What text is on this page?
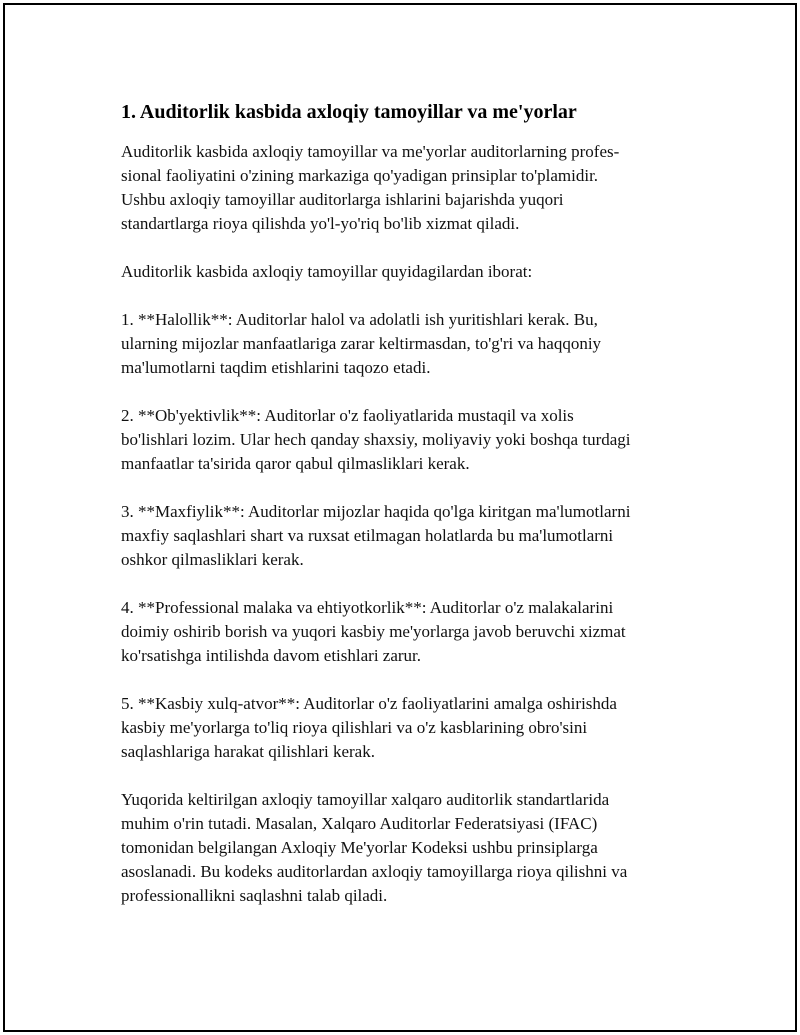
1. Auditorlik kasbida axloqiy tamoyillar va me'yorlar
Auditorlik kasbida axloqiy tamoyillar va me'yorlar auditorlarning profes-
sional faoliyatini o'zining markaziga qo'yadigan prinsiplar to'plamidir.
Ushbu axloqiy tamoyillar auditorlarga ishlarini bajarishda yuqori
standartlarga rioya qilishda yo'l-yo'riq bo'lib xizmat qiladi.
Auditorlik kasbida axloqiy tamoyillar quyidagilardan iborat:
1. **Halollik**: Auditorlar halol va adolatli ish yuritishlari kerak. Bu,
ularning mijozlar manfaatlariga zarar keltirmasdan, to'g'ri va haqqoniy
ma'lumotlarni taqdim etishlarini taqozo etadi.
2. **Ob'yektivlik**: Auditorlar o'z faoliyatlarida mustaqil va xolis
bo'lishlari lozim. Ular hech qanday shaxsiy, moliyaviy yoki boshqa turdagi
manfaatlar ta'sirida qaror qabul qilmasliklari kerak.
3. **Maxfiylik**: Auditorlar mijozlar haqida qo'lga kiritgan ma'lumotlarni
maxfiy saqlashlari shart va ruxsat etilmagan holatlarda bu ma'lumotlarni
oshkor qilmasliklari kerak.
4. **Professional malaka va ehtiyotkorlik**: Auditorlar o'z malakalarini
doimiy oshirib borish va yuqori kasbiy me'yorlarga javob beruvchi xizmat
ko'rsatishga intilishda davom etishlari zarur.
5. **Kasbiy xulq-atvor**: Auditorlar o'z faoliyatlarini amalga oshirishda
kasbiy me'yorlarga to'liq rioya qilishlari va o'z kasblarining obro'sini
saqlashlariga harakat qilishlari kerak.
Yuqorida keltirilgan axloqiy tamoyillar xalqaro auditorlik standartlarida
muhim o'rin tutadi. Masalan, Xalqaro Auditorlar Federatsiyasi (IFAC)
tomonidan belgilangan Axloqiy Me'yorlar Kodeksi ushbu prinsiplarga
asoslanadi. Bu kodeks auditorlardan axloqiy tamoyillarga rioya qilishni va
professionallikni saqlashni talab qiladi.
